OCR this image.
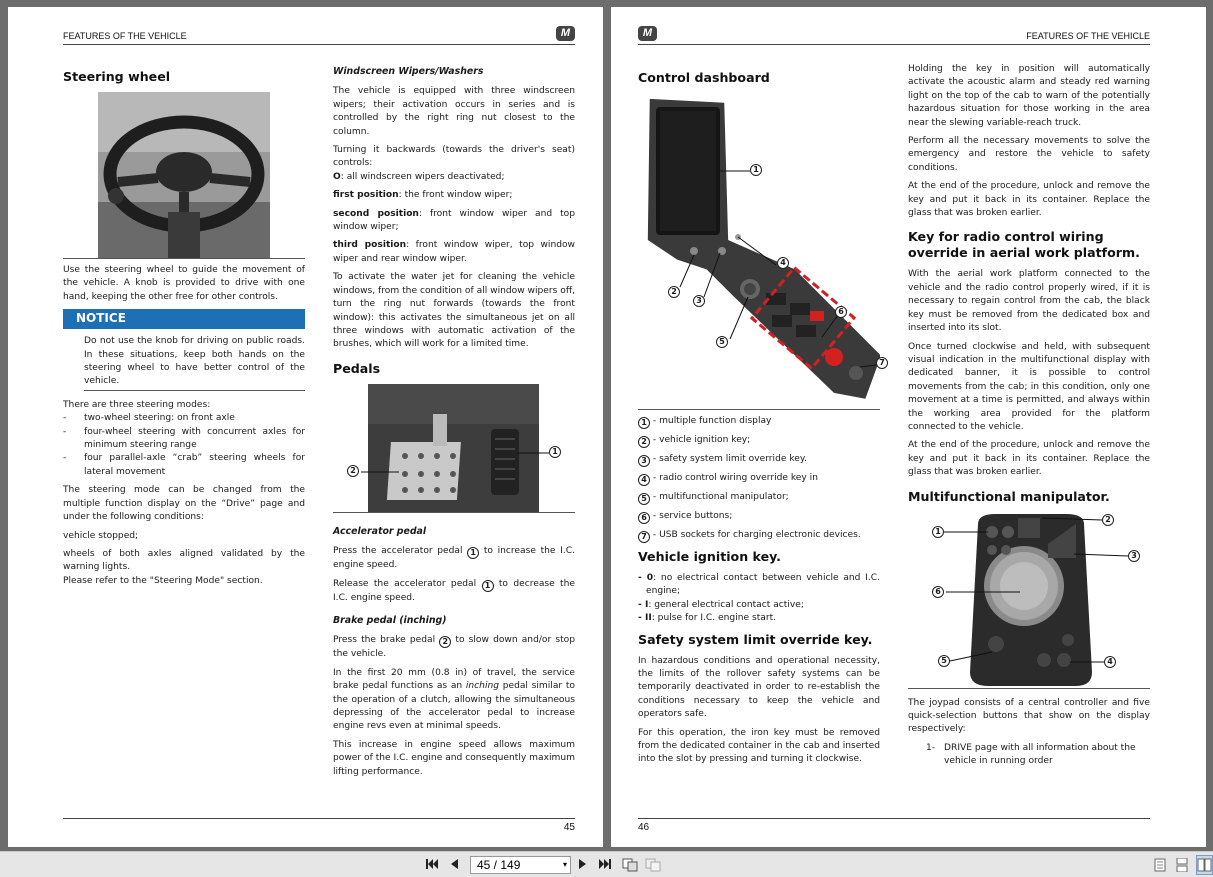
FEATURES OF THE VEHICLE	M
Steering wheel

Use the steering wheel to guide the movement of the vehicle. A knob is provided to drive with one hand, keeping the other free for other controls.

NOTICE
Do not use the knob for driving on public roads. In these situations, keep both hands on the steering wheel to have better control of the vehicle.

There are three steering modes:

- two-wheel steering: on front axle
- four-wheel steering with concurrent axles for minimum steering range
- four parallel-axle “crab” steering wheels for lateral movement

The steering mode can be changed from the multiple function display on the “Drive” page and under the following conditions:

vehicle stopped;

wheels of both axles aligned validated by the warning lights.

Please refer to the "Steering Mode" section.

Windscreen Wipers/Washers

The vehicle is equipped with three windscreen wipers; their activation occurs in series and is controlled by the right ring nut closest to the column.

Turning it backwards (towards the driver's seat) controls:

O: all windscreen wipers deactivated;

first position: the front window wiper;

second position: front window wiper and top window wiper;

third position: front window wiper, top window wiper and rear window wiper.

To activate the water jet for cleaning the vehicle windows, from the condition of all window wipers off, turn the ring nut forwards (towards the front window): this activates the simultaneous jet on all three windows with automatic activation of the brushes, which will work for a limited time.

Pedals
1
2
Accelerator pedal

Press the accelerator pedal 1 to increase the I.C. engine speed.

Release the accelerator pedal 1 to decrease the I.C. engine speed.

Brake pedal (inching)

Press the brake pedal 2 to slow down and/or stop the vehicle.

In the first 20 mm (0.8 in) of travel, the service brake pedal functions as an inching pedal similar to the operation of a clutch, allowing the simultaneous depressing of the accelerator pedal to increase engine revs even at minimal speeds.

This increase in engine speed allows maximum power of the I.C. engine and consequently maximum lifting performance.

45
M	FEATURES OF THE VEHICLE
Control dashboard
1
2
3
4
5
6
7

1 - multiple function display

2 - vehicle ignition key;

3 - safety system limit override key.

4 - radio control wiring override key in

5 - multifunctional manipulator;

6 - service buttons;

7 - USB sockets for charging electronic devices.

Vehicle ignition key.

- 0: no electrical contact between vehicle and I.C. engine;

- I: general electrical contact active;

- II: pulse for I.C. engine start.

Safety system limit override key.

In hazardous conditions and operational necessity, the limits of the rollover safety systems can be temporarily deactivated in order to re-establish the conditions necessary to keep the vehicle and operators safe.

For this operation, the iron key must be removed from the dedicated container in the cab and inserted into the slot by pressing and turning it clockwise.

Holding the key in position will automatically activate the acoustic alarm and steady red warning light on the top of the cab to warn of the potentially hazardous situation for those working in the area near the slewing variable-reach truck.

Perform all the necessary movements to solve the emergency and restore the vehicle to safety conditions.

At the end of the procedure, unlock and remove the key and put it back in its container. Replace the glass that was broken earlier.

Key for radio control wiring override in aerial work platform.

With the aerial work platform connected to the vehicle and the radio control properly wired, if it is necessary to regain control from the cab, the black key must be removed from the dedicated box and inserted into its slot.

Once turned clockwise and held, with subsequent visual indication in the multifunctional display with dedicated banner, it is possible to control movements from the cab; in this condition, only one movement at a time is permitted, and always within the working area provided for the platform connected to the vehicle.

At the end of the procedure, unlock and remove the key and put it back in its container. Replace the glass that was broken earlier.

Multifunctional manipulator.
1
2
3
4
5
6

The joypad consists of a central controller and five quick-selection buttons that show on the display respectively:

1- DRIVE page with all information about the vehicle in running order

46
45 / 149	▾
